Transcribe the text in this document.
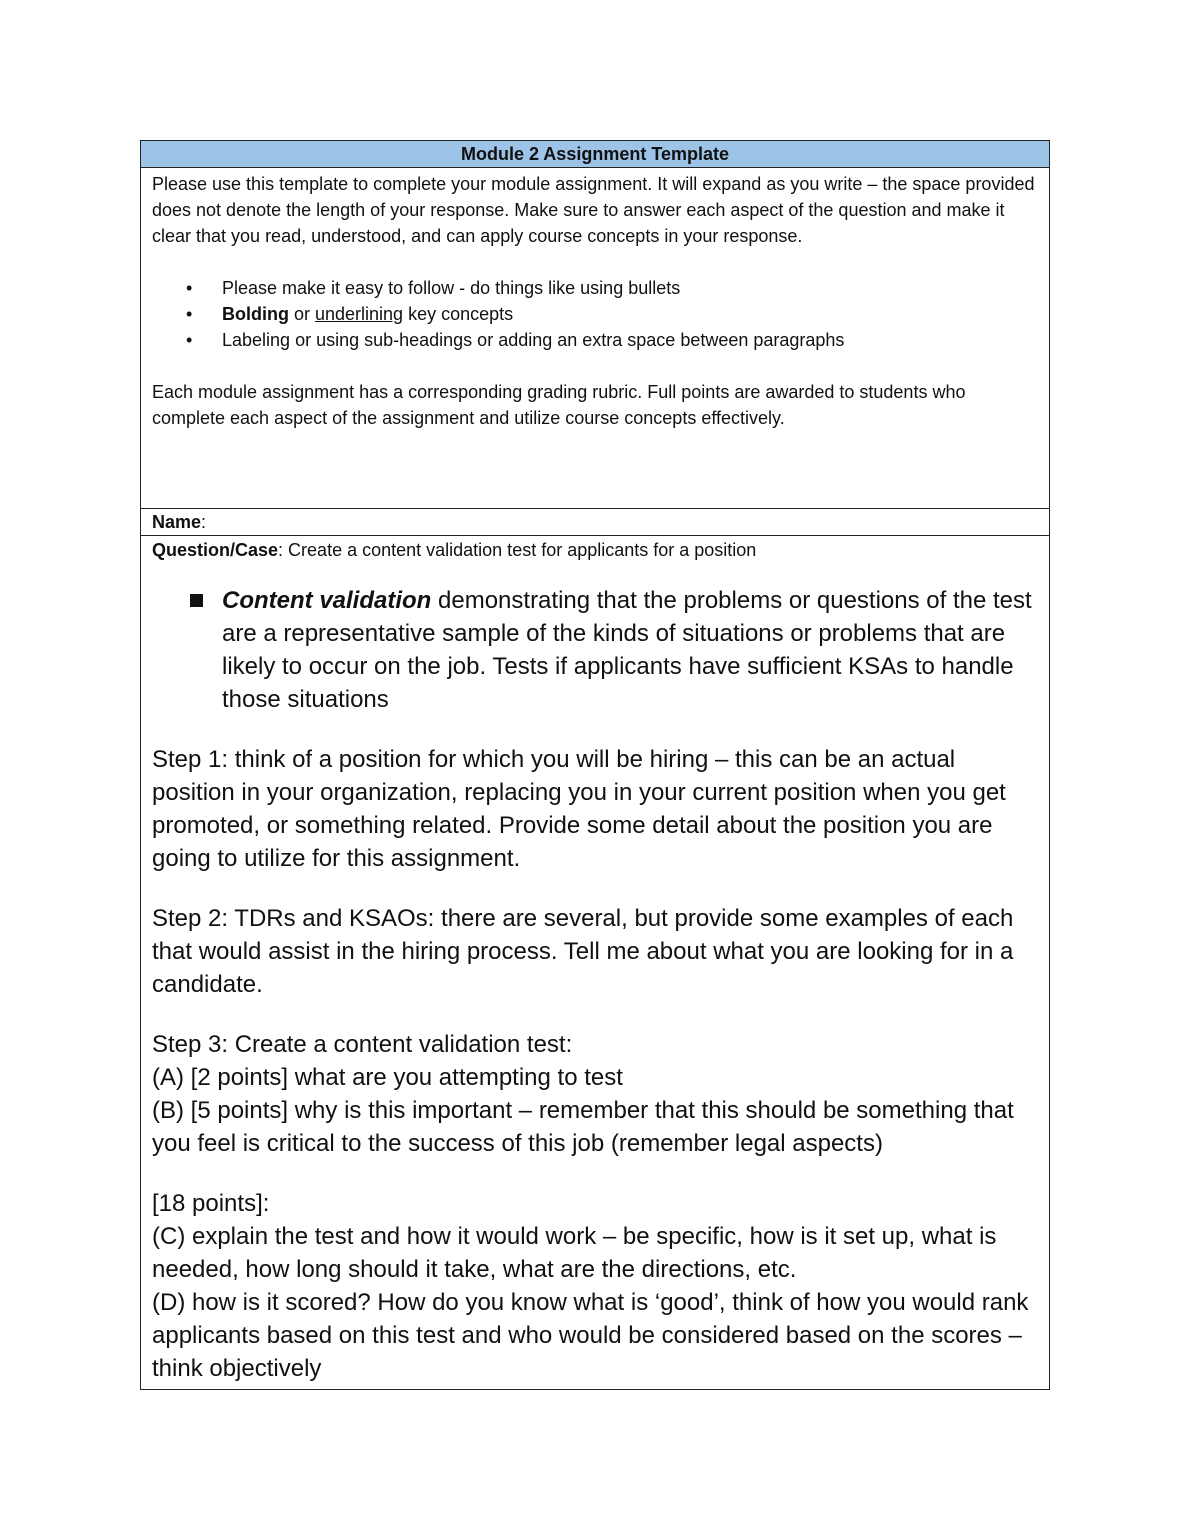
Module 2 Assignment Template

Please use this template to complete your module assignment. It will expand as you write – the space provided does not denote the length of your response. Make sure to answer each aspect of the question and make it clear that you read, understood, and can apply course concepts in your response.

• Please make it easy to follow - do things like using bullets
• Bolding or underlining key concepts
• Labeling or using sub-headings or adding an extra space between paragraphs

Each module assignment has a corresponding grading rubric. Full points are awarded to students who complete each aspect of the assignment and utilize course concepts effectively.

Name:
Question/Case: Create a content validation test for applicants for a position
Content validation demonstrating that the problems or questions of the test are a representative sample of the kinds of situations or problems that are likely to occur on the job. Tests if applicants have sufficient KSAs to handle those situations
Step 1: think of a position for which you will be hiring – this can be an actual position in your organization, replacing you in your current position when you get promoted, or something related. Provide some detail about the position you are going to utilize for this assignment.
Step 2: TDRs and KSAOs: there are several, but provide some examples of each that would assist in the hiring process. Tell me about what you are looking for in a candidate.
Step 3: Create a content validation test:
(A) [2 points] what are you attempting to test
(B) [5 points] why is this important – remember that this should be something that you feel is critical to the success of this job (remember legal aspects)
[18 points]:
(C) explain the test and how it would work – be specific, how is it set up, what is needed, how long should it take, what are the directions, etc.
(D) how is it scored? How do you know what is ‘good’, think of how you would rank applicants based on this test and who would be considered based on the scores – think objectively
